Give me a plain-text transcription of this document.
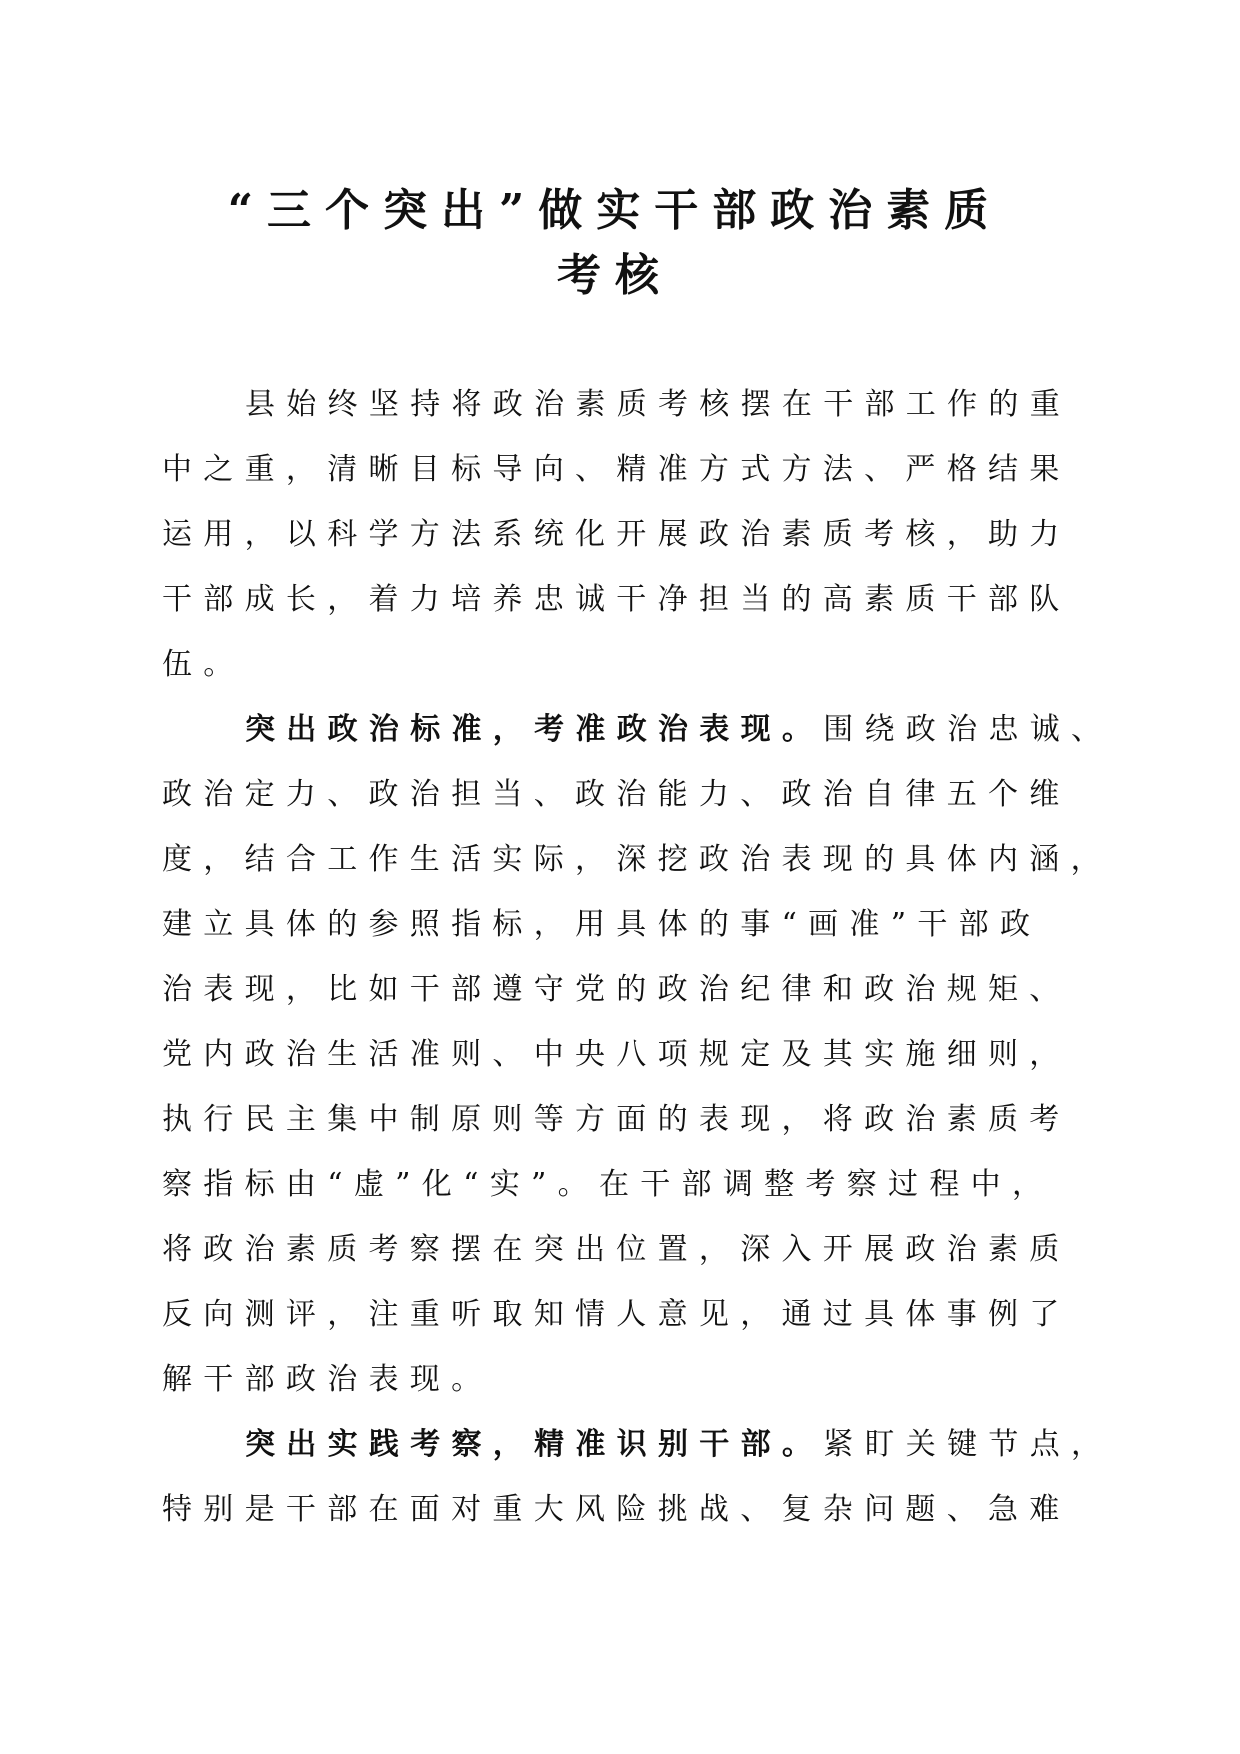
“三个突出”做实干部政治素质
考核

县始终坚持将政治素质考核摆在干部工作的重

中之重，清晰目标导向、精准方式方法、严格结果

运用，以科学方法系统化开展政治素质考核，助力

干部成长，着力培养忠诚干净担当的高素质干部队

伍。

突出政治标准，考准政治表现。围绕政治忠诚、

政治定力、政治担当、政治能力、政治自律五个维

度，结合工作生活实际，深挖政治表现的具体内涵，

建立具体的参照指标，用具体的事“画准”干部政

治表现，比如干部遵守党的政治纪律和政治规矩、

党内政治生活准则、中央八项规定及其实施细则，

执行民主集中制原则等方面的表现，将政治素质考

察指标由“虚”化“实”。在干部调整考察过程中，

将政治素质考察摆在突出位置，深入开展政治素质

反向测评，注重听取知情人意见，通过具体事例了

解干部政治表现。

突出实践考察，精准识别干部。紧盯关键节点，

特别是干部在面对重大风险挑战、复杂问题、急难
